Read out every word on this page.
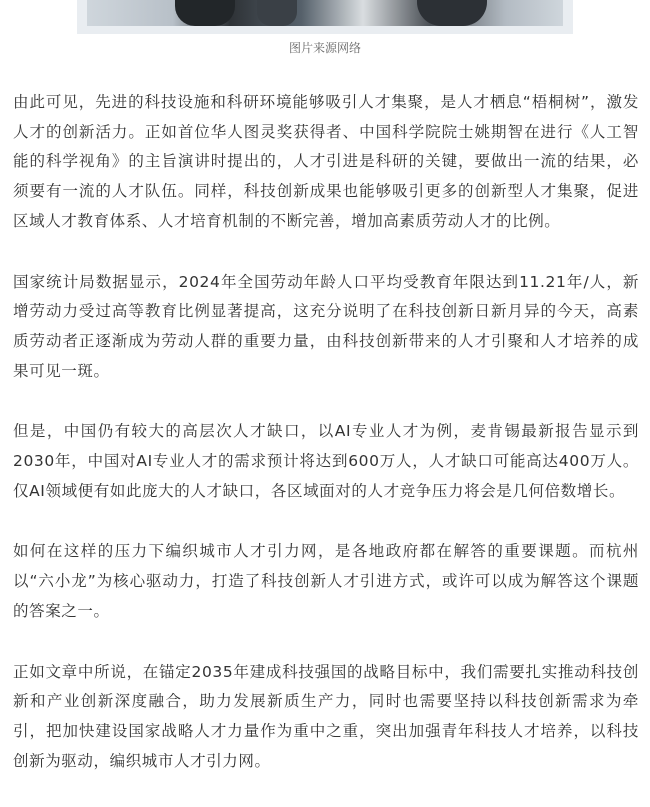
图片来源网络

由此可见，先进的科技设施和科研环境能够吸引人才集聚，是人才栖息“梧桐树”，激发人才的创新活力。正如首位华人图灵奖获得者、中国科学院院士姚期智在进行《人工智能的科学视角》的主旨演讲时提出的，人才引进是科研的关键，要做出一流的结果，必须要有一流的人才队伍。同样，科技创新成果也能够吸引更多的创新型人才集聚，促进区域人才教育体系、人才培育机制的不断完善，增加高素质劳动人才的比例。

国家统计局数据显示，2024年全国劳动年龄人口平均受教育年限达到11.21年/人，新增劳动力受过高等教育比例显著提高，这充分说明了在科技创新日新月异的今天，高素质劳动者正逐渐成为劳动人群的重要力量，由科技创新带来的人才引聚和人才培养的成果可见一斑。

但是，中国仍有较大的高层次人才缺口，以AI专业人才为例，麦肯锡最新报告显示到2030年，中国对AI专业人才的需求预计将达到600万人，人才缺口可能高达400万人。仅AI领域便有如此庞大的人才缺口，各区域面对的人才竞争压力将会是几何倍数增长。

如何在这样的压力下编织城市人才引力网，是各地政府都在解答的重要课题。而杭州以“六小龙”为核心驱动力，打造了科技创新人才引进方式，或许可以成为解答这个课题的答案之一。

正如文章中所说，在锚定2035年建成科技强国的战略目标中，我们需要扎实推动科技创新和产业创新深度融合，助力发展新质生产力，同时也需要坚持以科技创新需求为牵引，把加快建设国家战略人才力量作为重中之重，突出加强青年科技人才培养，以科技创新为驱动，编织城市人才引力网。
